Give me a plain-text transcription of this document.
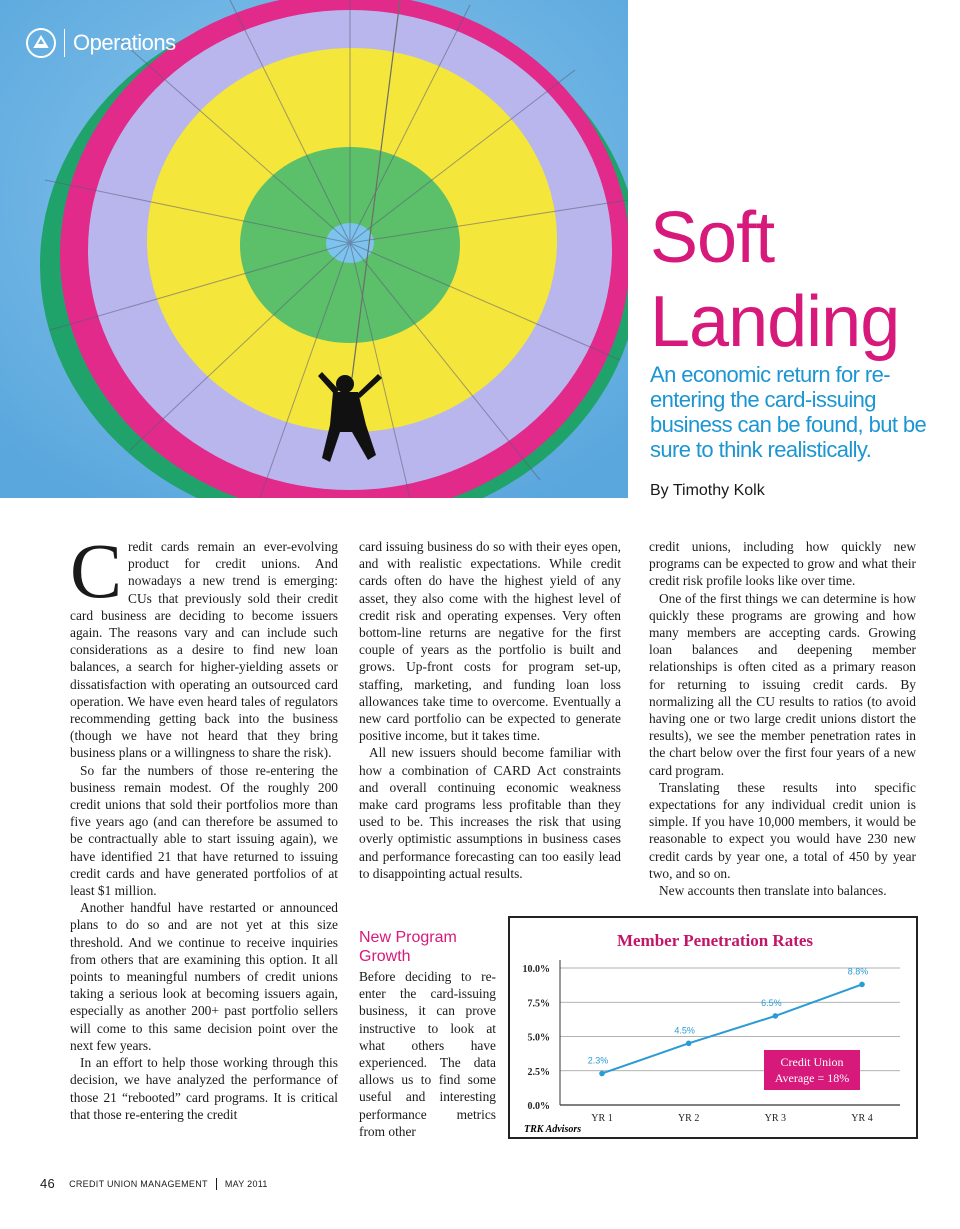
Operations
Soft
Landing

An economic return for re-entering the card-issuing business can be found, but be sure to think realistically.

By Timothy Kolk

Credit cards remain an ever-evolving product for credit unions. And nowadays a new trend is emerging: CUs that previously sold their credit card business are deciding to become issuers again. The reasons vary and can include such considerations as a desire to find new loan balances, a search for higher-yielding assets or dissatisfaction with operating an outsourced card operation. We have even heard tales of regulators recommending getting back into the business (though we have not heard that they bring business plans or a willingness to share the risk).

So far the numbers of those re-entering the business remain modest. Of the roughly 200 credit unions that sold their portfolios more than five years ago (and can therefore be assumed to be contractually able to start issuing again), we have identified 21 that have returned to issuing credit cards and have generated portfolios of at least $1 million.

Another handful have restarted or announced plans to do so and are not yet at this size threshold. And we continue to receive inquiries from others that are examining this option. It all points to meaningful numbers of credit unions taking a serious look at becoming issuers again, especially as another 200+ past portfolio sellers will come to this same decision point over the next few years.

In an effort to help those working through this decision, we have analyzed the performance of those 21 “rebooted” card programs. It is critical that those re-entering the credit

card issuing business do so with their eyes open, and with realistic expectations. While credit cards often do have the highest yield of any asset, they also come with the highest level of credit risk and operating expenses. Very often bottom-line returns are negative for the first couple of years as the portfolio is built and grows. Up-front costs for program set-up, staffing, marketing, and funding loan loss allowances take time to overcome. Eventually a new card portfolio can be expected to generate positive income, but it takes time.

All new issuers should become familiar with how a combination of CARD Act constraints and overall continuing economic weakness make card programs less profitable than they used to be. This increases the risk that using overly optimistic assumptions in business cases and performance forecasting can too easily lead to disappointing actual results.

New Program Growth

Before deciding to re-enter the card-issuing business, it can prove instructive to look at what others have experienced. The data allows us to find some useful and interesting performance metrics from other

credit unions, including how quickly new programs can be expected to grow and what their credit risk profile looks like over time.

One of the first things we can determine is how quickly these programs are growing and how many members are accepting cards. Growing loan balances and deepening member relationships is often cited as a primary reason for returning to issuing credit cards. By normalizing all the CU results to ratios (to avoid having one or two large credit unions distort the results), we see the member penetration rates in the chart below over the first four years of a new card program.

Translating these results into specific expectations for any individual credit union is simple. If you have 10,000 members, it would be reasonable to expect you would have 230 new credit cards by year one, a total of 450 by year two, and so on.

New accounts then translate into balances.

Member Penetration Rates
0.0%
2.5%
5.0%
7.5%
10.0%
YR 1	YR 2	YR 3	YR 4
2.3%
4.5%
6.5%
8.8%
Credit Union
Average = 18%
TRK Advisors
46 CREDIT UNION MANAGEMENT MAY 2011
